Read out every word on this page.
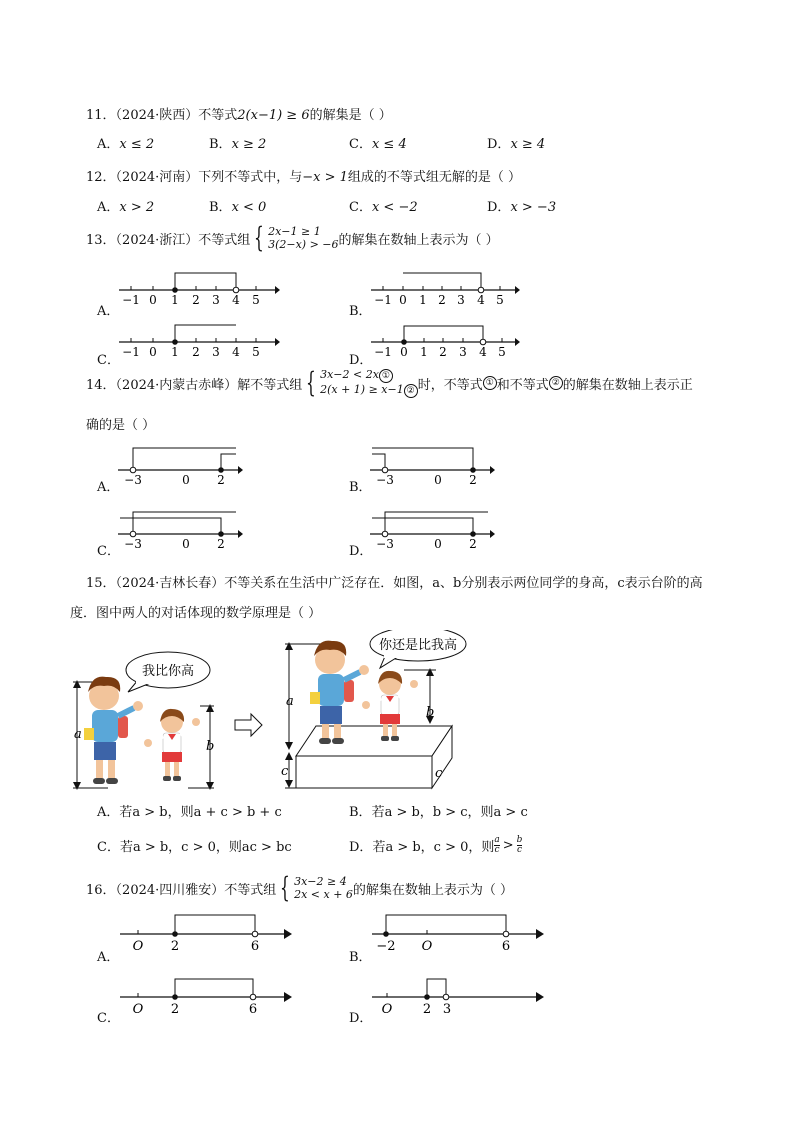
11．（2024·陕西）不等式2(x−1) ≥ 6的解集是（ ）
A．x ≤ 2	B．x ≥ 2	C．x ≤ 4	D．x ≥ 4
12．（2024·河南）下列不等式中，与−x > 1组成的不等式组无解的是（ ）
A．x > 2	B．x < 0	C．x < −2	D．x > −3
13．（2024·浙江）不等式组 { 2x−1 ≥ 1
3(2−x) > −6 的解集在数轴上表示为（ ）
A．	B．
C．	D．
−1 0 1 2 3 4 5	−1 0 1 2 3 4 5
−1 0 1 2 3 4 5	−1 0 1 2 3 4 5
14．（2024·内蒙古赤峰）解不等式组 { 3x−2 < 2x ①
2(x + 1) ≥ x−1 ② 时，不等式 ① 和不等式 ② 的解集在数轴上表示正
确的是（ ）
A．	B．
C．	D．
−3	0 2	−3	0 2
−3	0 2	−3	0 2
15．（2024·吉林长春）不等关系在生活中广泛存在．如图，a、b分别表示两位同学的身高，c表示台阶的高
度．图中两人的对话体现的数学原理是（ ）
a
b
我比你高
a
c
b
c
你还是比我高
A．若a > b，则a + c > b + c	B．若a > b，b > c，则a > c
C．若a > b，c > 0，则ac > bc	D． 若a > b，c > 0，则 $\frac{a}{c} > \frac{b}{c}$
16．（2024·四川雅安）不等式组 { 3x−2 ≥ 4
2x < x + 6 的解集在数轴上表示为（ ）
A．	B．
C．	D．
O 2	6	−2 O	6
O 2	6	O 2 3
